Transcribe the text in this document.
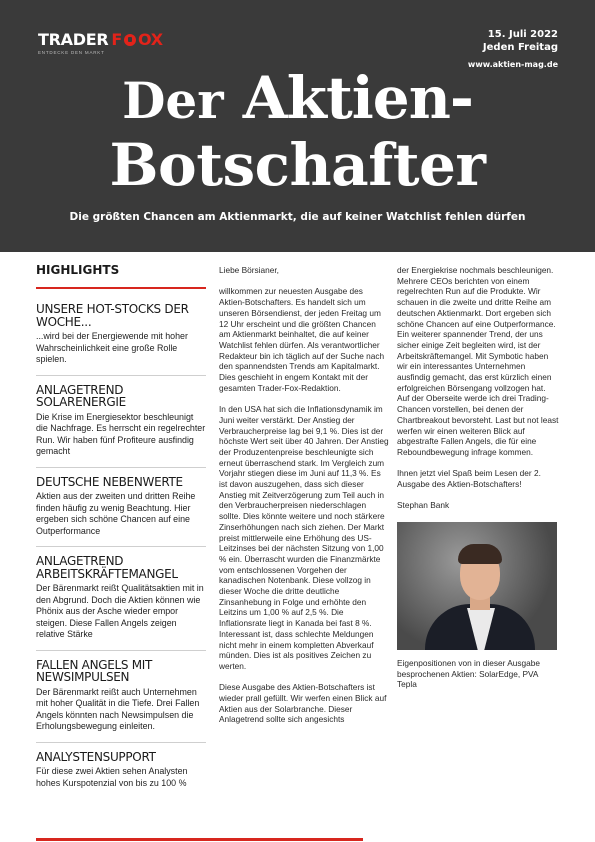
TRADER F OX
ENTDECKE DEN MARKT
15. Juli 2022
Jeden Freitag
www.aktien-mag.de
Der Aktien-
Botschafter
Die größten Chancen am Aktienmarkt, die auf keiner Watchlist fehlen dürfen
HIGHLIGHTS
UNSERE HOT-STOCKS DER WOCHE...
...wird bei der Energiewende mit hoher Wahrscheinlichkeit eine große Rolle spielen.
ANLAGETREND SOLARENERGIE
Die Krise im Energiesektor beschleunigt die Nachfrage. Es herrscht ein regelrechter Run. Wir haben fünf Profiteure ausfindig gemacht
DEUTSCHE NEBENWERTE
Aktien aus der zweiten und dritten Reihe finden häufig zu wenig Beachtung. Hier ergeben sich schöne Chancen auf eine Outperformance
ANLAGETREND ARBEITSKRÄFTEMANGEL
Der Bärenmarkt reißt Qualitätsaktien mit in den Abgrund. Doch die Aktien können wie Phönix aus der Asche wieder empor steigen. Diese Fallen Angels zeigen relative Stärke
FALLEN ANGELS MIT NEWSIMPULSEN
Der Bärenmarkt reißt auch Unternehmen mit hoher Qualität in die Tiefe. Drei Fallen Angels könnten nach Newsimpulsen die Erholungsbewegung einleiten.
ANALYSTENSUPPORT
Für diese zwei Aktien sehen Analysten hohes Kurspotenzial von bis zu 100 %

Liebe Börsianer,

willkommen zur neuesten Ausgabe des Aktien-Botschafters. Es handelt sich um unseren Börsendienst, der jeden Freitag um 12 Uhr erscheint und die größten Chancen am Aktienmarkt beinhaltet, die auf keiner Watchlist fehlen dürfen. Als verantwortlicher Redakteur bin ich täglich auf der Suche nach den spannendsten Trends am Kapitalmarkt. Dies geschieht in engem Kontakt mit der gesamten Trader-Fox-Redaktion.

In den USA hat sich die Inflationsdynamik im Juni weiter verstärkt. Der Anstieg der Verbraucherpreise lag bei 9,1 %. Dies ist der höchste Wert seit über 40 Jahren. Der Anstieg der Produzentenpreise beschleunigte sich erneut überraschend stark. Im Vergleich zum Vorjahr stiegen diese im Juni auf 11,3 %. Es ist davon auszugehen, dass sich dieser Anstieg mit Zeitverzögerung zum Teil auch in den Verbraucherpreisen niederschlagen sollte. Dies könnte weitere und noch stärkere Zinserhöhungen nach sich ziehen. Der Markt preist mittlerweile eine Erhöhung des US-Leitzinses bei der nächsten Sitzung von 1,00 % ein. Überrascht wurden die Finanzmärkte vom entschlossenen Vorgehen der kanadischen Notenbank. Diese vollzog in dieser Woche die dritte deutliche Zinsanhebung in Folge und erhöhte den Leitzins um 1,00 % auf 2,5 %. Die Inflationsrate liegt in Kanada bei fast 8 %. Interessant ist, dass schlechte Meldungen nicht mehr in einem kompletten Abverkauf münden. Dies ist als positives Zeichen zu werten.

Diese Ausgabe des Aktien-Botschafters ist wieder prall gefüllt. Wir werfen einen Blick auf Aktien aus der Solarbranche. Dieser Anlagetrend sollte sich angesichts

der Energiekrise nochmals beschleunigen. Mehrere CEOs berichten von einem regelrechten Run auf die Produkte. Wir schauen in die zweite und dritte Reihe am deutschen Aktienmarkt. Dort ergeben sich schöne Chancen auf eine Outperformance. Ein weiterer spannender Trend, der uns sicher einige Zeit begleiten wird, ist der Arbeitskräftemangel. Mit Symbotic haben wir ein interessantes Unternehmen ausfindig gemacht, das erst kürzlich einen erfolgreichen Börsengang vollzogen hat. Auf der Oberseite werde ich drei Trading-Chancen vorstellen, bei denen der Chartbreakout bevorsteht. Last but not least werfen wir einen weiteren Blick auf abgestrafte Fallen Angels, die für eine Reboundbewegung infrage kommen.

Ihnen jetzt viel Spaß beim Lesen der 2. Ausgabe des Aktien-Botschafters!

Stephan Bank

Eigenpositionen von in dieser Ausgabe besprochenen Aktien: SolarEdge, PVA Tepla
